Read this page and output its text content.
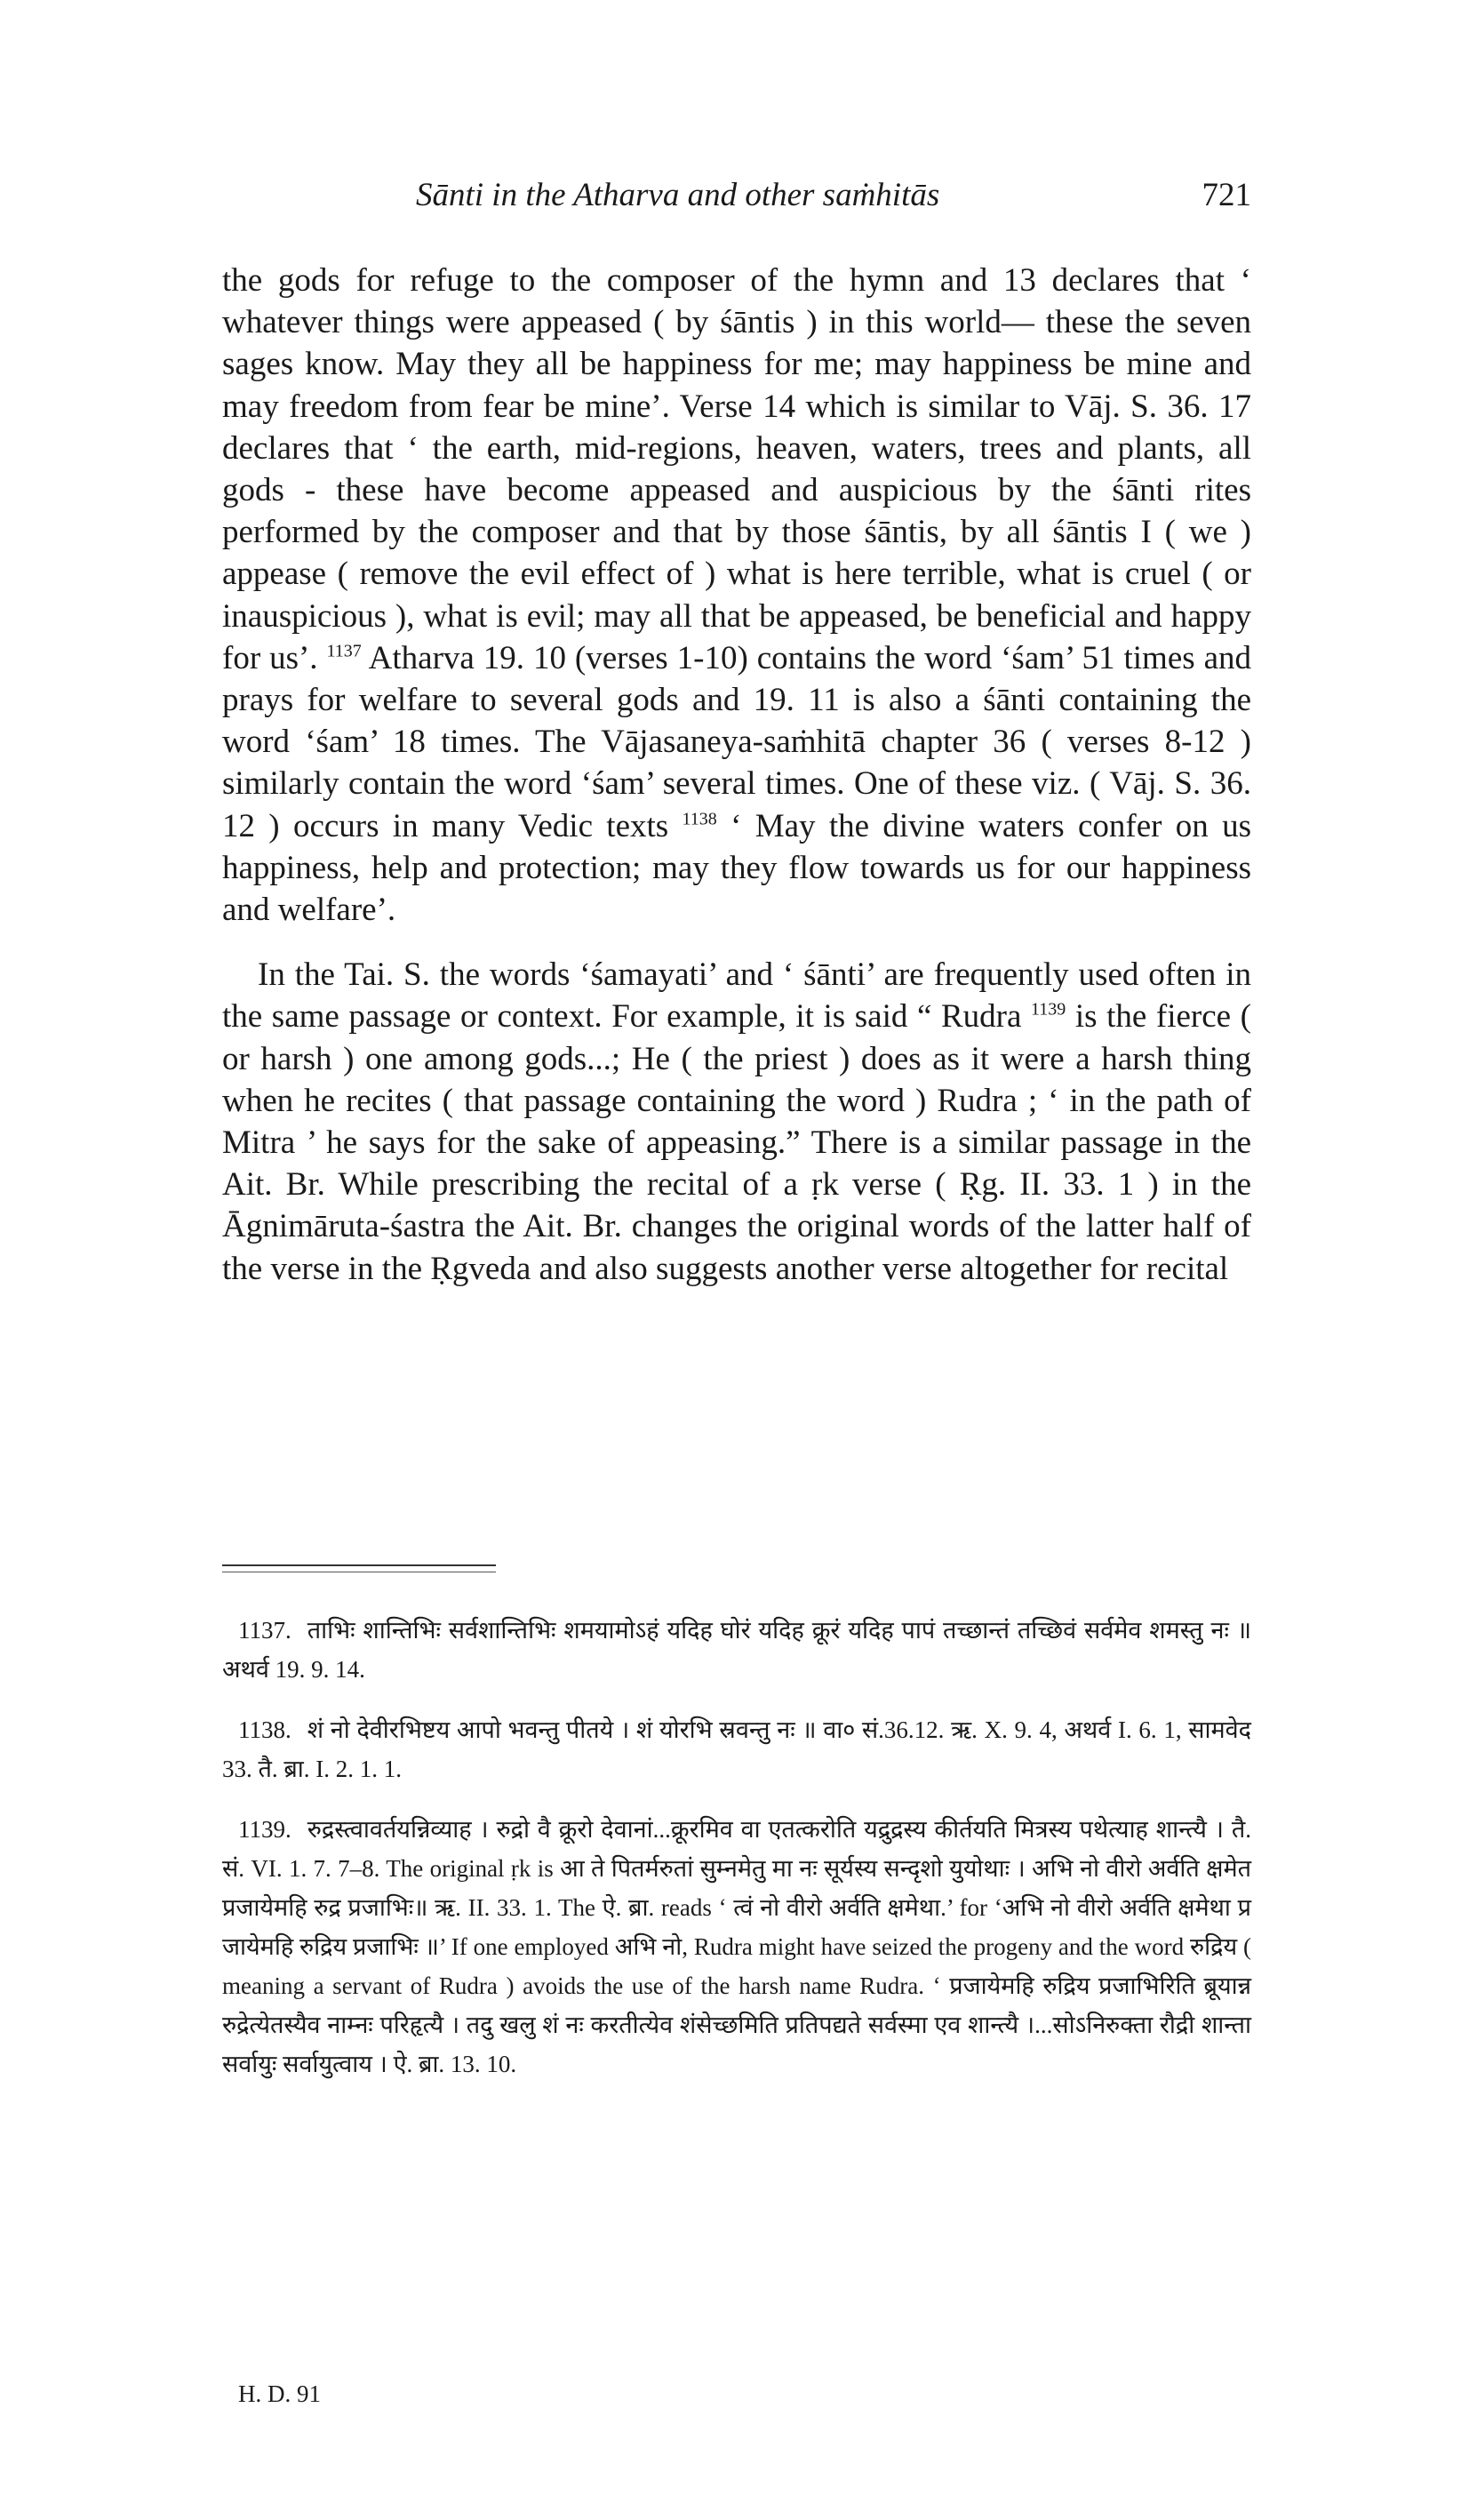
Sānti in the Atharva and other saṁhitās	721

the gods for refuge to the composer of the hymn and 13 declares that ‘ whatever things were appeased ( by śāntis ) in this world— these the seven sages know. May they all be happiness for me; may happiness be mine and may freedom from fear be mine’. Verse 14 which is similar to Vāj. S. 36. 17 declares that ‘ the earth, mid-regions, heaven, waters, trees and plants, all gods - these have become appeased and auspicious by the śānti rites performed by the composer and that by those śāntis, by all śāntis I ( we ) appease ( remove the evil effect of ) what is here terrible, what is cruel ( or inauspicious ), what is evil; may all that be appeased, be beneficial and happy for us’. $^{1137}$ Atharva 19. 10 (verses 1-10) contains the word ‘śam’ 51 times and prays for welfare to several gods and 19. 11 is also a śānti containing the word ‘śam’ 18 times. The Vājasaneya-saṁhitā chapter 36 ( verses 8-12 ) similarly contain the word ‘śam’ several times. One of these viz. ( Vāj. S. 36. 12 ) occurs in many Vedic texts $^{1138}$ ‘ May the divine waters confer on us happiness, help and protection; may they flow towards us for our happiness and welfare’.

In the Tai. S. the words ‘śamayati’ and ‘ śānti’ are frequently used often in the same passage or context. For example, it is said “ Rudra $^{1139}$ is the fierce ( or harsh ) one among gods...; He ( the priest ) does as it were a harsh thing when he recites ( that passage containing the word ) Rudra ; ‘ in the path of Mitra ’ he says for the sake of appeasing.” There is a similar passage in the Ait. Br. While prescribing the recital of a ṛk verse ( Ṛg. II. 33. 1 ) in the Āgnimāruta-śastra the Ait. Br. changes the original words of the latter half of the verse in the Ṛgveda and also suggests another verse altogether for recital

1137. ताभिः शान्तिभिः सर्वशान्तिभिः शमयामोऽहं यदिह घोरं यदिह क्रूरं यदिह पापं तच्छान्तं तच्छिवं सर्वमेव शमस्तु नः ॥ अथर्व 19. 9. 14.

1138. शं नो देवीरभिष्टय आपो भवन्तु पीतये । शं योरभि स्रवन्तु नः ॥ वा० सं.36.12. ऋ. X. 9. 4, अथर्व I. 6. 1, सामवेद 33. तै. ब्रा. I. 2. 1. 1.

1139. रुद्रस्त्वावर्तयन्निव्याह । रुद्रो वै क्रूरो देवानां...क्रूरमिव वा एतत्करोति यद्रुद्रस्य कीर्तयति मित्रस्य पथेत्याह शान्त्यै । तै. सं. VI. 1. 7. 7–8. The original ṛk is आ ते पितर्मरुतां सुम्नमेतु मा नः सूर्यस्य सन्दृशो युयोथाः । अभि नो वीरो अर्वति क्षमेत प्रजायेमहि रुद्र प्रजाभिः॥ ऋ. II. 33. 1. The ऐ. ब्रा. reads ‘ त्वं नो वीरो अर्वति क्षमेथा.’ for ‘अभि नो वीरो अर्वति क्षमेथा प्र जायेमहि रुद्रिय प्रजाभिः ॥’ If one employed अभि नो, Rudra might have seized the progeny and the word रुद्रिय ( meaning a servant of Rudra ) avoids the use of the harsh name Rudra. ‘ प्रजायेमहि रुद्रिय प्रजाभिरिति ब्रूयान्न रुद्रेत्येतस्यैव नाम्नः परिहृत्यै । तदु खलु शं नः करतीत्येव शंसेच्छमिति प्रतिपद्यते सर्वस्मा एव शान्त्यै ।...सोऽनिरुक्ता रौद्री शान्ता सर्वायुः सर्वायुत्वाय । ऐ. ब्रा. 13. 10.

H. D. 91
